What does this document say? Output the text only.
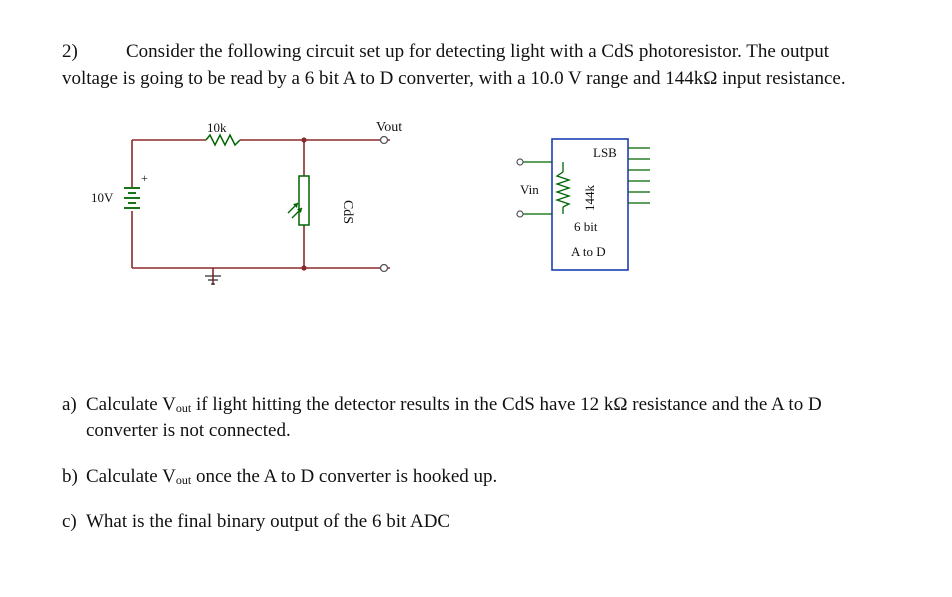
2)	Consider the following circuit set up for detecting light with a CdS photoresistor. The output
voltage is going to be read by a 6 bit A to D converter, with a 10.0 V range and 144kΩ input resistance.
10k	Vout
10V
+
CdS
Vin
LSB
144k
6 bit
A to D
a) Calculate $V_{out}$ if light hitting the detector results in the CdS have 12 kΩ resistance and the A to D
converter is not connected.
b) Calculate $V_{out}$ once the A to D converter is hooked up.
c) What is the final binary output of the 6 bit ADC
